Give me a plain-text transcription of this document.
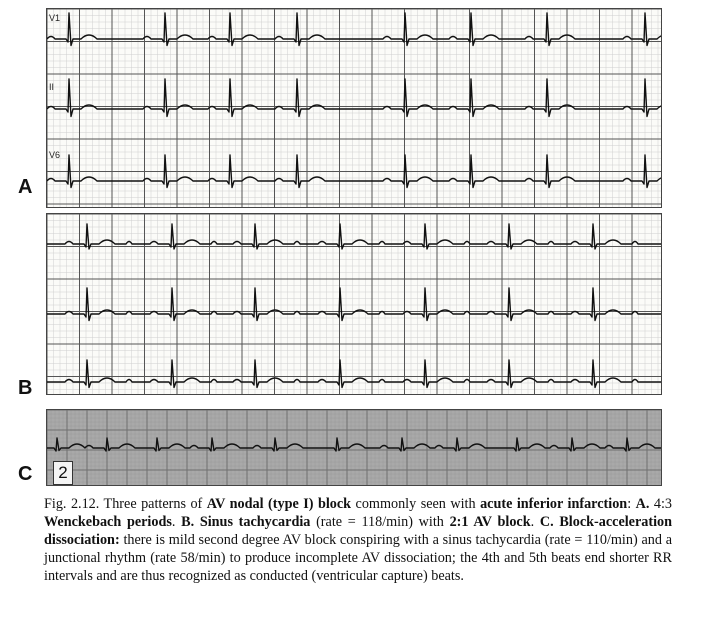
V1
II
V6
A
B
C	2
Fig. 2.12. Three patterns of AV nodal (type I) block commonly seen with acute inferior infarction: A. 4:3 Wenckebach periods. B. Sinus tachycardia (rate = 118/min) with 2:1 AV block. C. Block-acceleration dissociation: there is mild second degree AV block conspiring with a sinus tachycardia (rate = 110/min) and a junctional rhythm (rate 58/min) to produce incomplete AV dissociation; the 4th and 5th beats end shorter RR intervals and are thus recognized as conducted (ventricular capture) beats.
